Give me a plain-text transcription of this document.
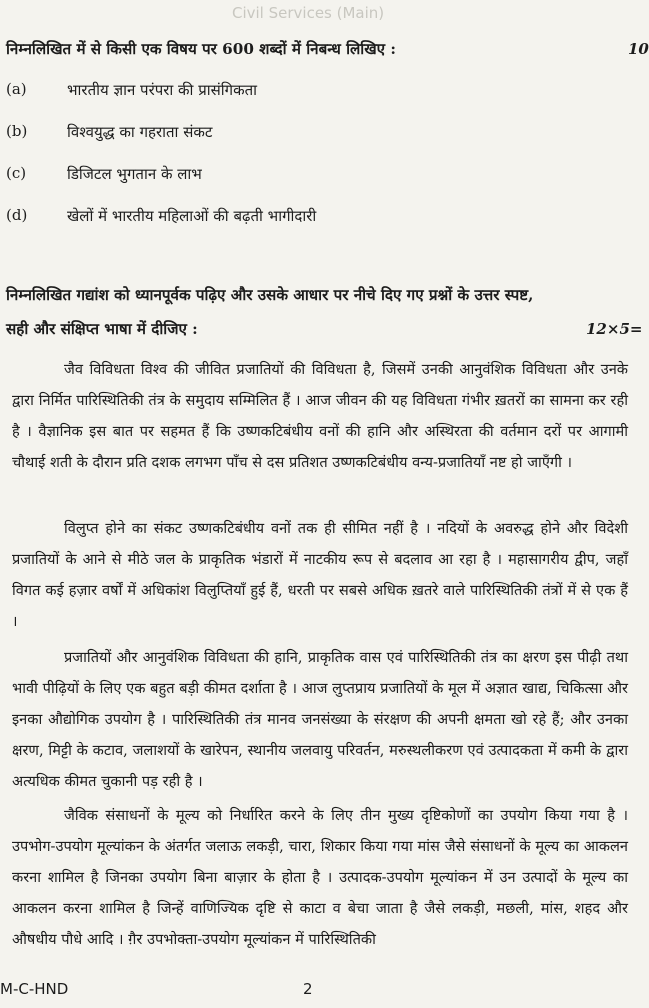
Civil Services (Main)
निम्नलिखित में से किसी एक विषय पर 600 शब्दों में निबन्ध लिखिए :	10
(a)	भारतीय ज्ञान परंपरा की प्रासंगिकता
(b)	विश्वयुद्ध का गहराता संकट
(c)	डिजिटल भुगतान के लाभ
(d)	खेलों में भारतीय महिलाओं की बढ़ती भागीदारी
निम्नलिखित गद्यांश को ध्यानपूर्वक पढ़िए और उसके आधार पर नीचे दिए गए प्रश्नों के उत्तर स्पष्ट,
सही और संक्षिप्त भाषा में दीजिए :	12×5=

जैव विविधता विश्व की जीवित प्रजातियों की विविधता है, जिसमें उनकी आनुवंशिक विविधता और उनके द्वारा निर्मित पारिस्थितिकी तंत्र के समुदाय सम्मिलित हैं । आज जीवन की यह विविधता गंभीर ख़तरों का सामना कर रही है । वैज्ञानिक इस बात पर सहमत हैं कि उष्णकटिबंधीय वनों की हानि और अस्थिरता की वर्तमान दरों पर आगामी चौथाई शती के दौरान प्रति दशक लगभग पाँच से दस प्रतिशत उष्णकटिबंधीय वन्य-प्रजातियाँ नष्ट हो जाएँगी ।

विलुप्त होने का संकट उष्णकटिबंधीय वनों तक ही सीमित नहीं है । नदियों के अवरुद्ध होने और विदेशी प्रजातियों के आने से मीठे जल के प्राकृतिक भंडारों में नाटकीय रूप से बदलाव आ रहा है । महासागरीय द्वीप, जहाँ विगत कई हज़ार वर्षों में अधिकांश विलुप्तियाँ हुई हैं, धरती पर सबसे अधिक ख़तरे वाले पारिस्थितिकी तंत्रों में से एक हैं ।

प्रजातियों और आनुवंशिक विविधता की हानि, प्राकृतिक वास एवं पारिस्थितिकी तंत्र का क्षरण इस पीढ़ी तथा भावी पीढ़ियों के लिए एक बहुत बड़ी कीमत दर्शाता है । आज लुप्तप्राय प्रजातियों के मूल में अज्ञात खाद्य, चिकित्सा और इनका औद्योगिक उपयोग है । पारिस्थितिकी तंत्र मानव जनसंख्या के संरक्षण की अपनी क्षमता खो रहे हैं; और उनका क्षरण, मिट्टी के कटाव, जलाशयों के खारेपन, स्थानीय जलवायु परिवर्तन, मरुस्थलीकरण एवं उत्पादकता में कमी के द्वारा अत्यधिक कीमत चुकानी पड़ रही है ।

जैविक संसाधनों के मूल्य को निर्धारित करने के लिए तीन मुख्य दृष्टिकोणों का उपयोग किया गया है । उपभोग-उपयोग मूल्यांकन के अंतर्गत जलाऊ लकड़ी, चारा, शिकार किया गया मांस जैसे संसाधनों के मूल्य का आकलन करना शामिल है जिनका उपयोग बिना बाज़ार के होता है । उत्पादक-उपयोग मूल्यांकन में उन उत्पादों के मूल्य का आकलन करना शामिल है जिन्हें वाणिज्यिक दृष्टि से काटा व बेचा जाता है जैसे लकड़ी, मछली, मांस, शहद और औषधीय पौधे आदि । ग़ैर उपभोक्ता-उपयोग मूल्यांकन में पारिस्थितिकी

M-C-HND	2
